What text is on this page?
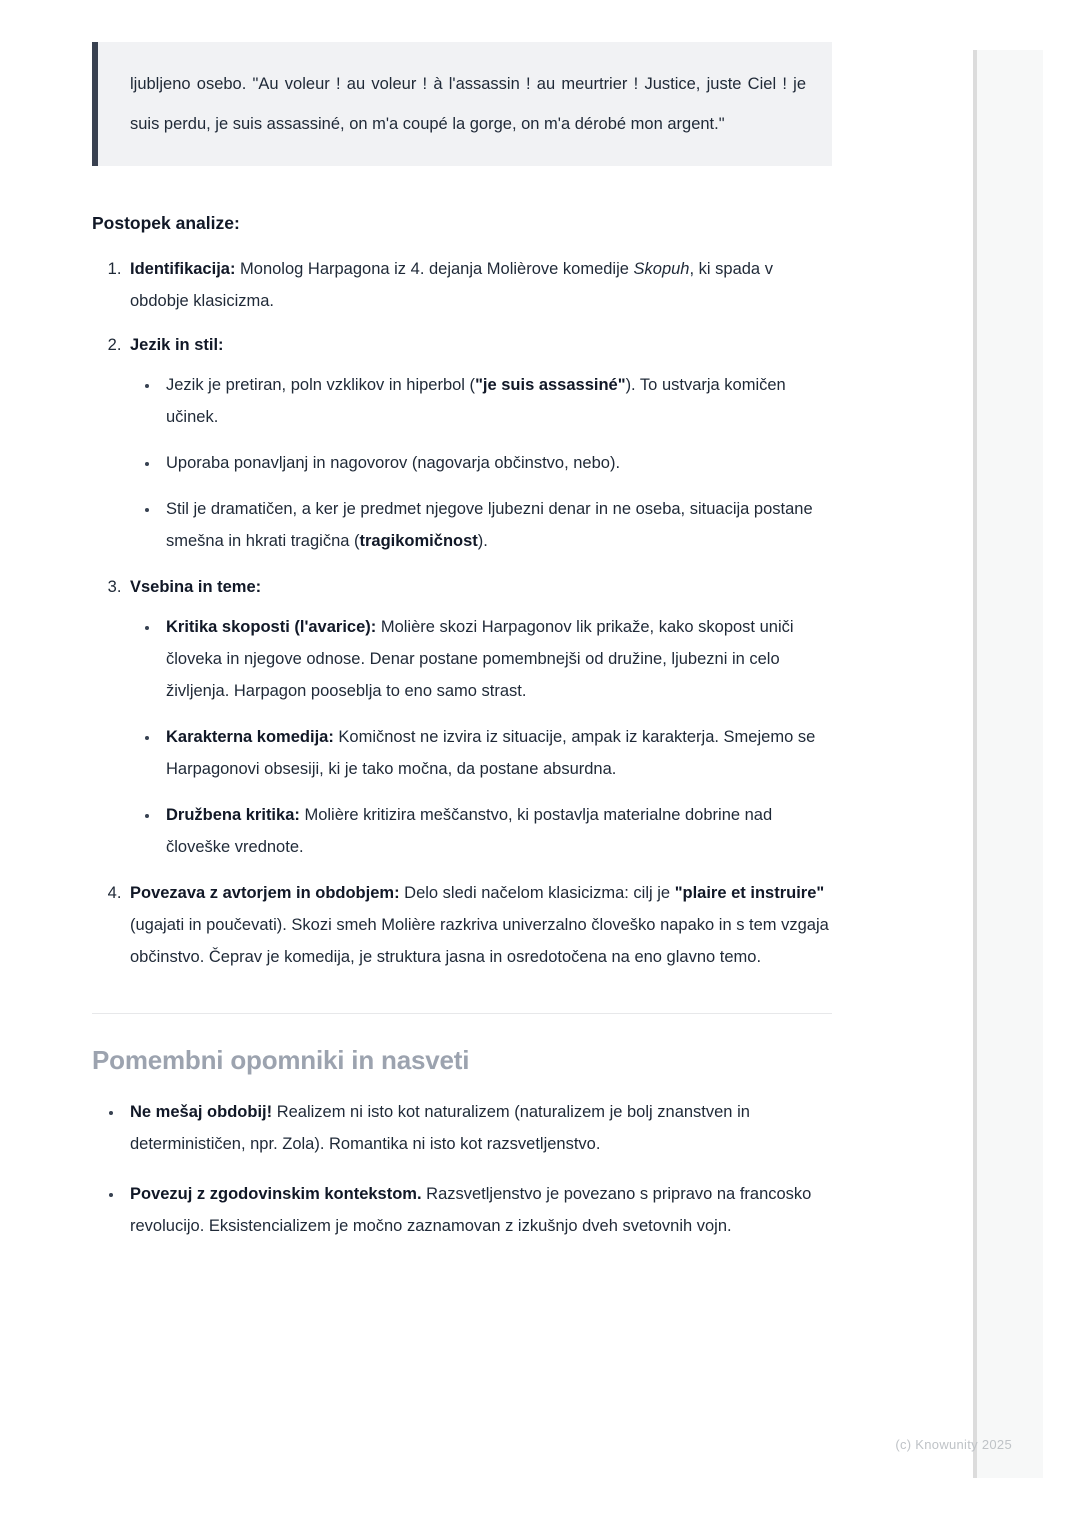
ljubljeno osebo. "Au voleur ! au voleur ! à l'assassin ! au meurtrier ! Justice, juste Ciel ! je suis perdu, je suis assassiné, on m'a coupé la gorge, on m'a dérobé mon argent."

Postopek analize:
1. Identifikacija: Monolog Harpagona iz 4. dejanja Molièrove komedije Skopuh, ki spada v obdobje klasicizma.
2. Jezik in stil:
• Jezik je pretiran, poln vzklikov in hiperbol ("je suis assassiné"). To ustvarja komičen učinek.
• Uporaba ponavljanj in nagovorov (nagovarja občinstvo, nebo).
• Stil je dramatičen, a ker je predmet njegove ljubezni denar in ne oseba, situacija postane smešna in hkrati tragična (tragikomičnost).
3. Vsebina in teme:
• Kritika skoposti (l'avarice): Molière skozi Harpagonov lik prikaže, kako skopost uniči človeka in njegove odnose. Denar postane pomembnejši od družine, ljubezni in celo življenja. Harpagon pooseblja to eno samo strast.
• Karakterna komedija: Komičnost ne izvira iz situacije, ampak iz karakterja. Smejemo se Harpagonovi obsesiji, ki je tako močna, da postane absurdna.
• Družbena kritika: Molière kritizira meščanstvo, ki postavlja materialne dobrine nad človeške vrednote.
4. Povezava z avtorjem in obdobjem: Delo sledi načelom klasicizma: cilj je "plaire et instruire" (ugajati in poučevati). Skozi smeh Molière razkriva univerzalno človeško napako in s tem vzgaja občinstvo. Čeprav je komedija, je struktura jasna in osredotočena na eno glavno temo.
Pomembni opomniki in nasveti
• Ne mešaj obdobij! Realizem ni isto kot naturalizem (naturalizem je bolj znanstven in determinističen, npr. Zola). Romantika ni isto kot razsvetljenstvo.
• Povezuj z zgodovinskim kontekstom. Razsvetljenstvo je povezano s pripravo na francosko revolucijo. Eksistencializem je močno zaznamovan z izkušnjo dveh svetovnih vojn.
(c) Knowunity 2025
